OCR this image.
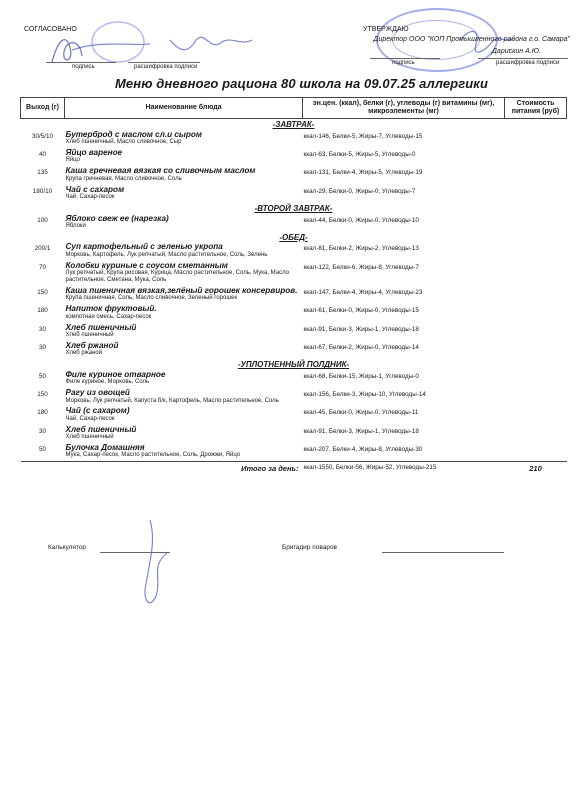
СОГЛАСОВАНО
подпись	расшифровка подписи
УТВЕРЖДАЮ
Директор ООО "КОП Промышленного района г.о. Самара"
подпись
Дарискин А.Ю.
расшифровка подписи
Меню дневного рациона 80 школа на 09.07.25 аллергики
Выход (г)	Наименование блюда	эн.цен. (ккал), белки (г), углеводы (г) витамины (мг), микроэлементы (мг)	Стоимость питания (руб)
-ЗАВТРАК-			
30/5/10	Бутерброд с маслом сл.и сыром
Хлеб пшеничный, Масло сливочное, Сыр	ккал-146, Белки-5, Жиры-7, Углеводы-15	
40	Яйцо вареное
Яйцо	ккал-63, Белки-5, Жиры-5, Углеводы-0	
135	Каша гречневая вязкая со сливочным маслом
Крупа гречневая, Масло сливочное, Соль	ккал-131, Белки-4, Жиры-5, Углеводы-19	
180/10	Чай с сахаром
Чай, Сахар-песок	ккал-29, Белки-0, Жиры-0, Углеводы-7	
-ВТОРОЙ ЗАВТРАК-			
100	Яблоко свеж ее (нарезка)
Яблоки	ккал-44, Белки-0, Жиры-0, Углеводы-10	
-ОБЕД-			
200/1	Суп картофельный с зеленью укропа
Морковь, Картофель, Лук репчатый, Масло растительное, Соль, Зелень	ккал-81, Белки-2, Жиры-2, Углеводы-13	
70	Колобки куриные с соусом сметанным
Лук репчатый, Крупа рисовая, Курица, Масло растительное, Соль, Мука, Масло растительное, Сметана, Мука, Соль	ккал-122, Белки-6, Жиры-8, Углеводы-7	
150	Каша пшеничная вязкая,зелёный горошек консервиров.
Крупа пшеничная, Соль, Масло сливочное, Зеленый горошек	ккал-147, Белки-4, Жиры-4, Углеводы-23	
180	Напиток фруктовый.
компотная смесь, Сахар-песок	ккал-61, Белки-0, Жиры-0, Углеводы-15	
30	Хлеб пшеничный
Хлеб пшеничный	ккал-91, Белки-3, Жиры-1, Углеводы-18	
30	Хлеб ржаной
Хлеб ржаной	ккал-67, Белки-2, Жиры-0, Углеводы-14	
-УПЛОТНЕННЫЙ ПОЛДНИК-			
50	Филе куриное отварное
Филе куриное, Морковь, Соль	ккал-68, Белки-15, Жиры-1, Углеводы-0	
150	Рагу из овощей
Морковь, Лук репчатый, Капуста б/к, Картофель, Масло растительное, Соль	ккал-156, Белки-3, Жиры-10, Углеводы-14	
180	Чай (с сахаром)
Чай, Сахар-песок	ккал-45, Белки-0, Жиры-0, Углеводы-11	
30	Хлеб пшеничный
Хлеб пшеничный	ккал-91, Белки-3, Жиры-1, Углеводы-18	
50	Булочка Домашняя
Мука, Сахар-песок, Масло растительное, Соль, Дрожжи, Яйцо	ккал-207, Белки-4, Жиры-8, Углеводы-30	
Итого за день:		ккал-1550, Белки-56, Жиры-52, Углеводы-215	210
Калькулятор	Бригадир поваров
